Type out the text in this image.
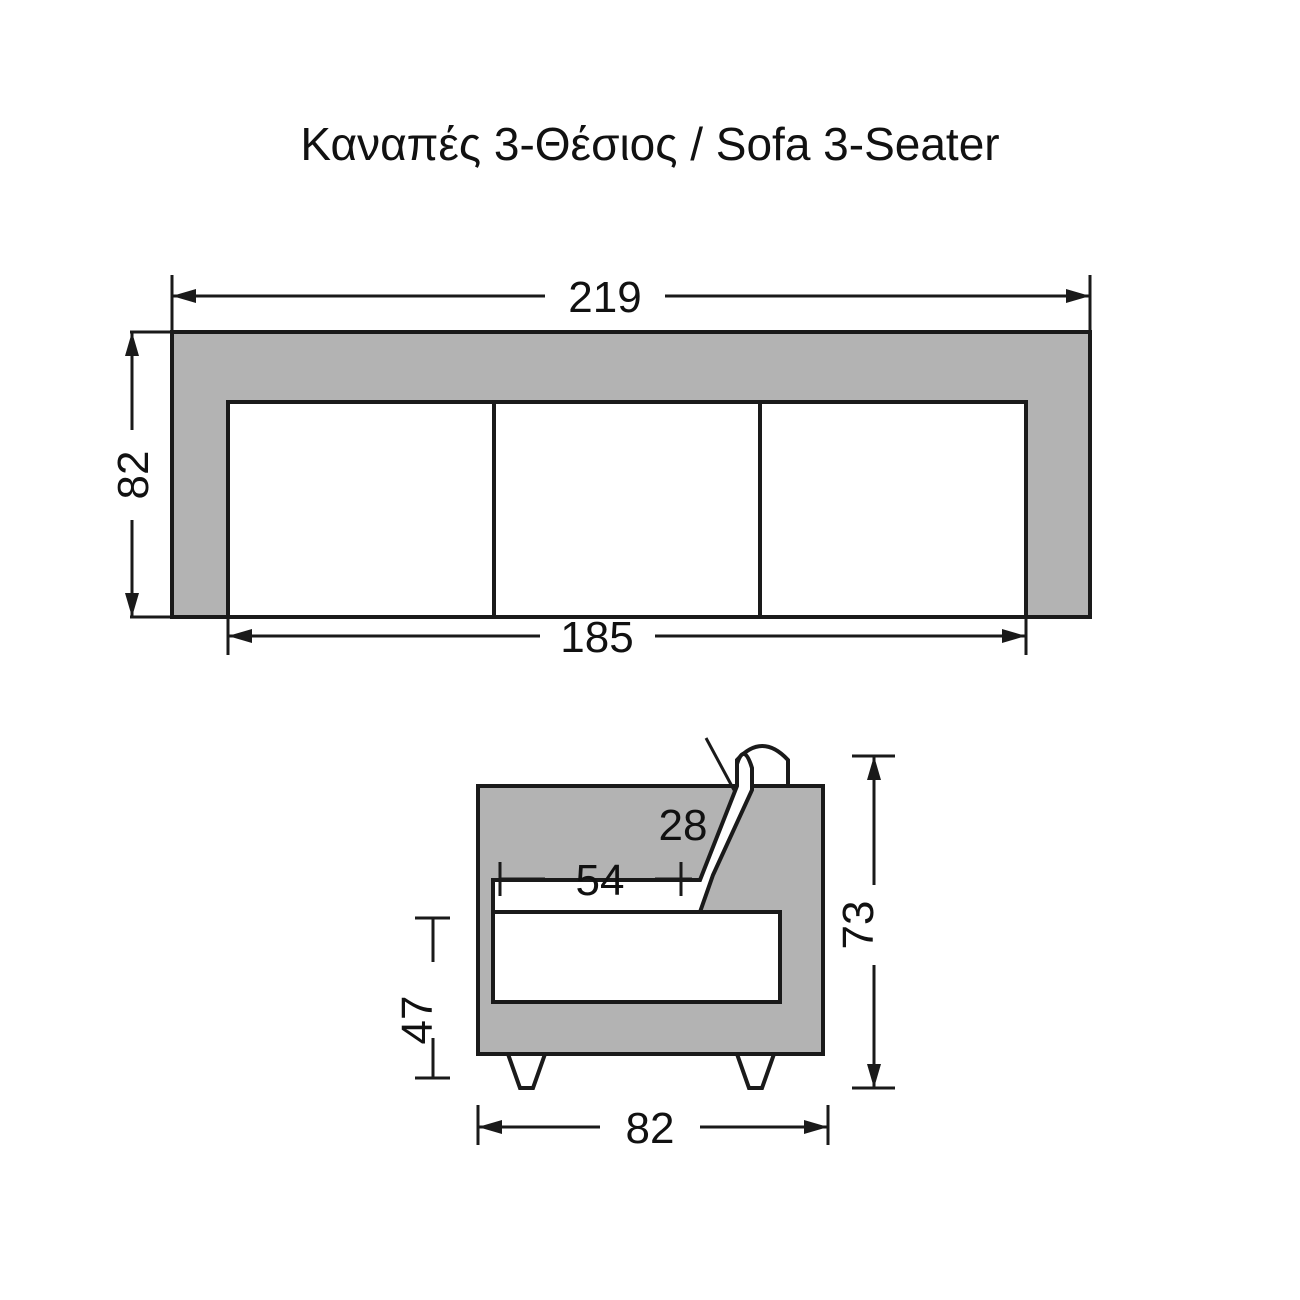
Καναπές 3-Θέσιος / Sofa 3-Seater
219
82
185
28
54
73
47
82
